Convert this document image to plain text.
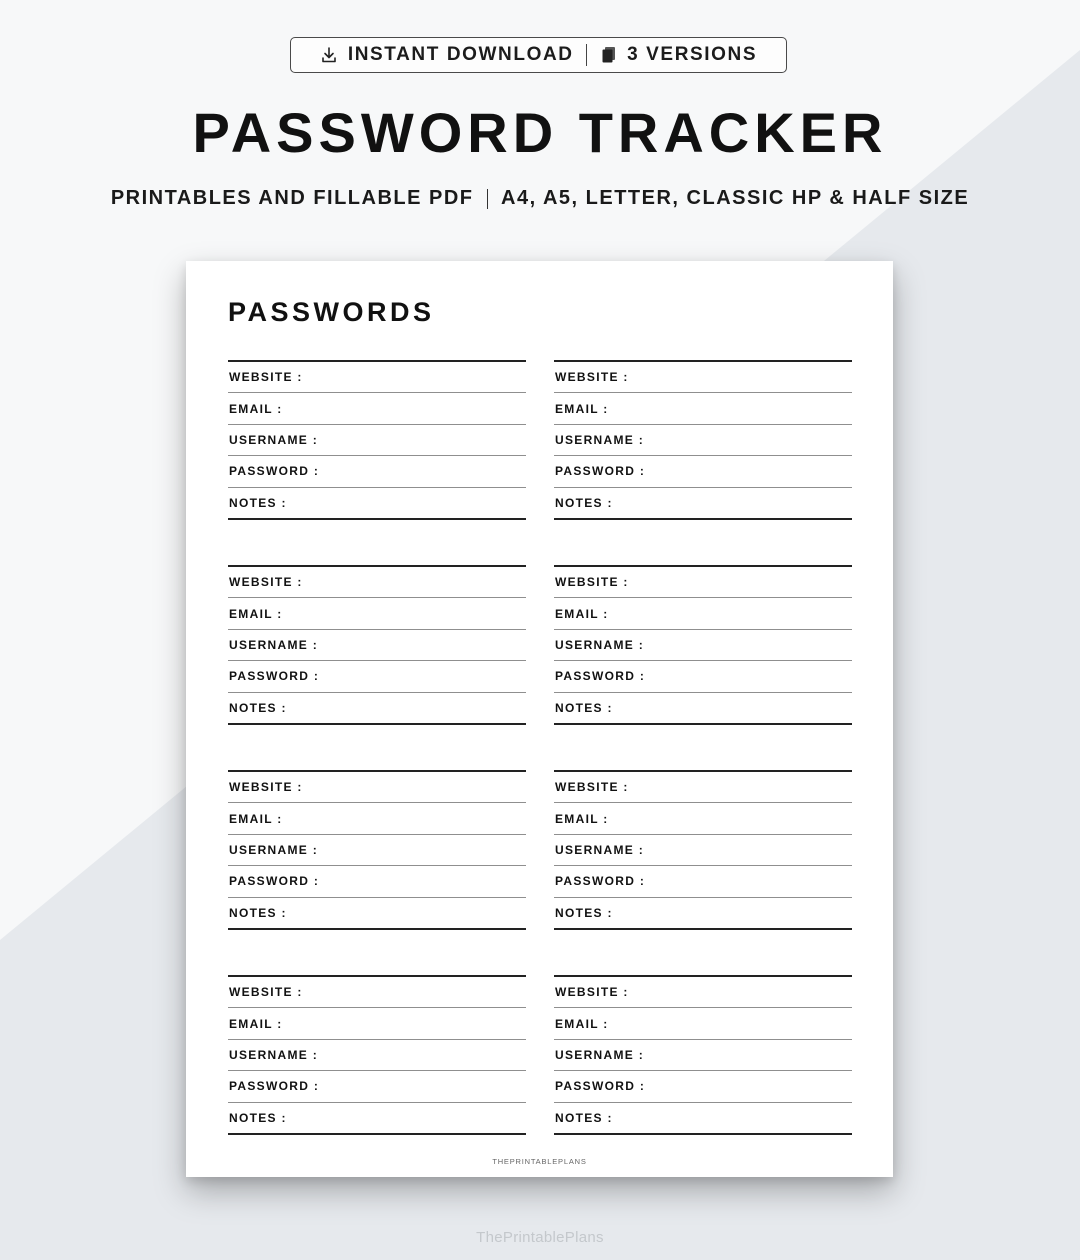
INSTANT DOWNLOAD	3 VERSIONS
PASSWORD TRACKER
PRINTABLES AND FILLABLE PDF A4, A5, LETTER, CLASSIC HP & HALF SIZE
PASSWORDS
WEBSITE :
EMAIL :
USERNAME :
PASSWORD :
NOTES :
WEBSITE :
EMAIL :
USERNAME :
PASSWORD :
NOTES :
WEBSITE :
EMAIL :
USERNAME :
PASSWORD :
NOTES :
WEBSITE :
EMAIL :
USERNAME :
PASSWORD :
NOTES :
WEBSITE :
EMAIL :
USERNAME :
PASSWORD :
NOTES :
WEBSITE :
EMAIL :
USERNAME :
PASSWORD :
NOTES :
WEBSITE :
EMAIL :
USERNAME :
PASSWORD :
NOTES :
WEBSITE :
EMAIL :
USERNAME :
PASSWORD :
NOTES :
THEPRINTABLEPLANS
ThePrintablePlans
